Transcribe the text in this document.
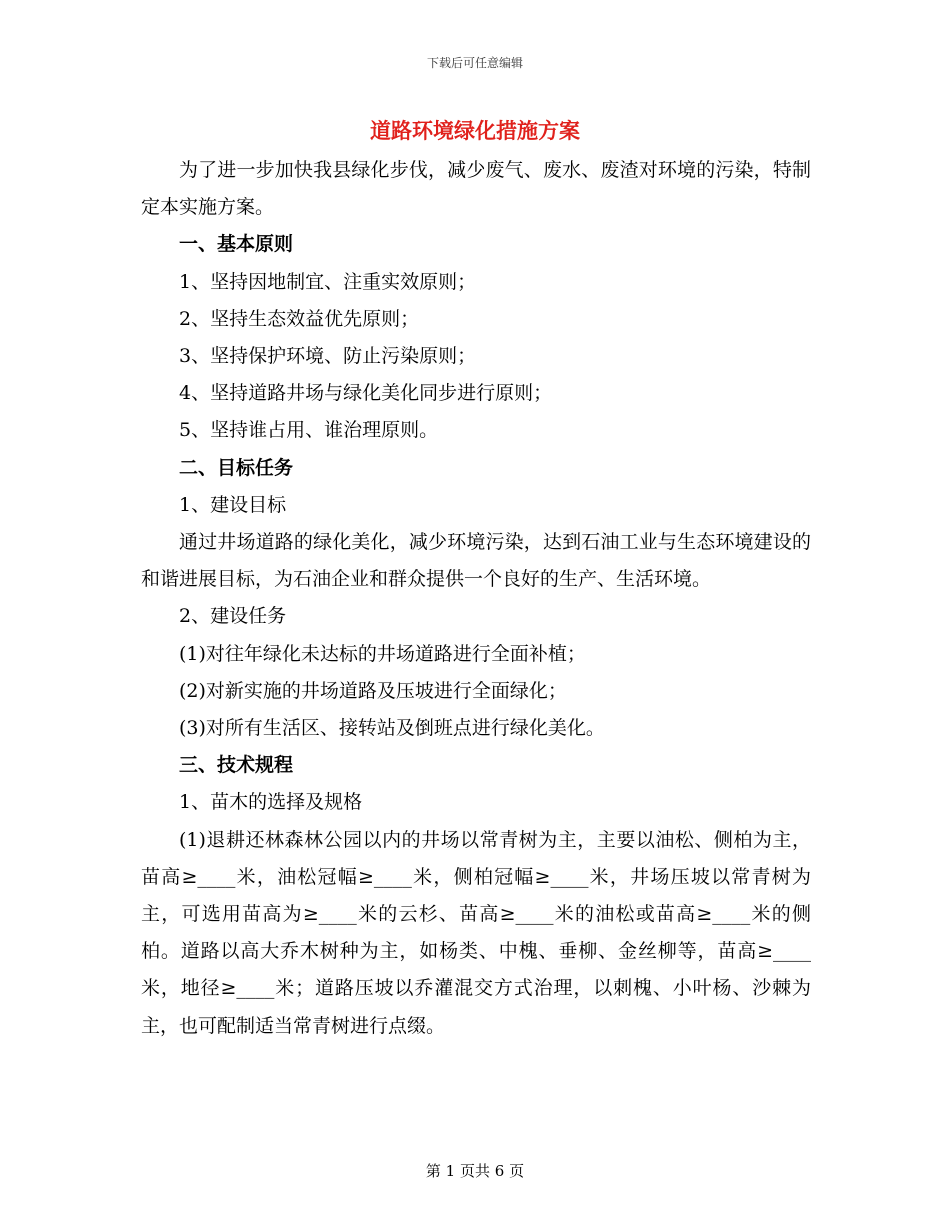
下载后可任意编辑
道路环境绿化措施方案

为了进一步加快我县绿化步伐，减少废气、废水、废渣对环境的污染，特制定本实施方案。

一、基本原则

1、坚持因地制宜、注重实效原则；

2、坚持生态效益优先原则；

3、坚持保护环境、防止污染原则；

4、坚持道路井场与绿化美化同步进行原则；

5、坚持谁占用、谁治理原则。

二、目标任务

1、建设目标

通过井场道路的绿化美化，减少环境污染，达到石油工业与生态环境建设的和谐进展目标，为石油企业和群众提供一个良好的生产、生活环境。

2、建设任务

(1)对往年绿化未达标的井场道路进行全面补植；

(2)对新实施的井场道路及压坡进行全面绿化；

(3)对所有生活区、接转站及倒班点进行绿化美化。

三、技术规程

1、苗木的选择及规格

(1)退耕还林森林公园以内的井场以常青树为主，主要以油松、侧柏为主，苗高≥____米，油松冠幅≥____米，侧柏冠幅≥____米，井场压坡以常青树为主，可选用苗高为≥____米的云杉、苗高≥____米的油松或苗高≥____米的侧柏。道路以高大乔木树种为主，如杨类、中槐、垂柳、金丝柳等，苗高≥____米，地径≥____米；道路压坡以乔灌混交方式治理，以刺槐、小叶杨、沙棘为主，也可配制适当常青树进行点缀。

第 1 页共 6 页
